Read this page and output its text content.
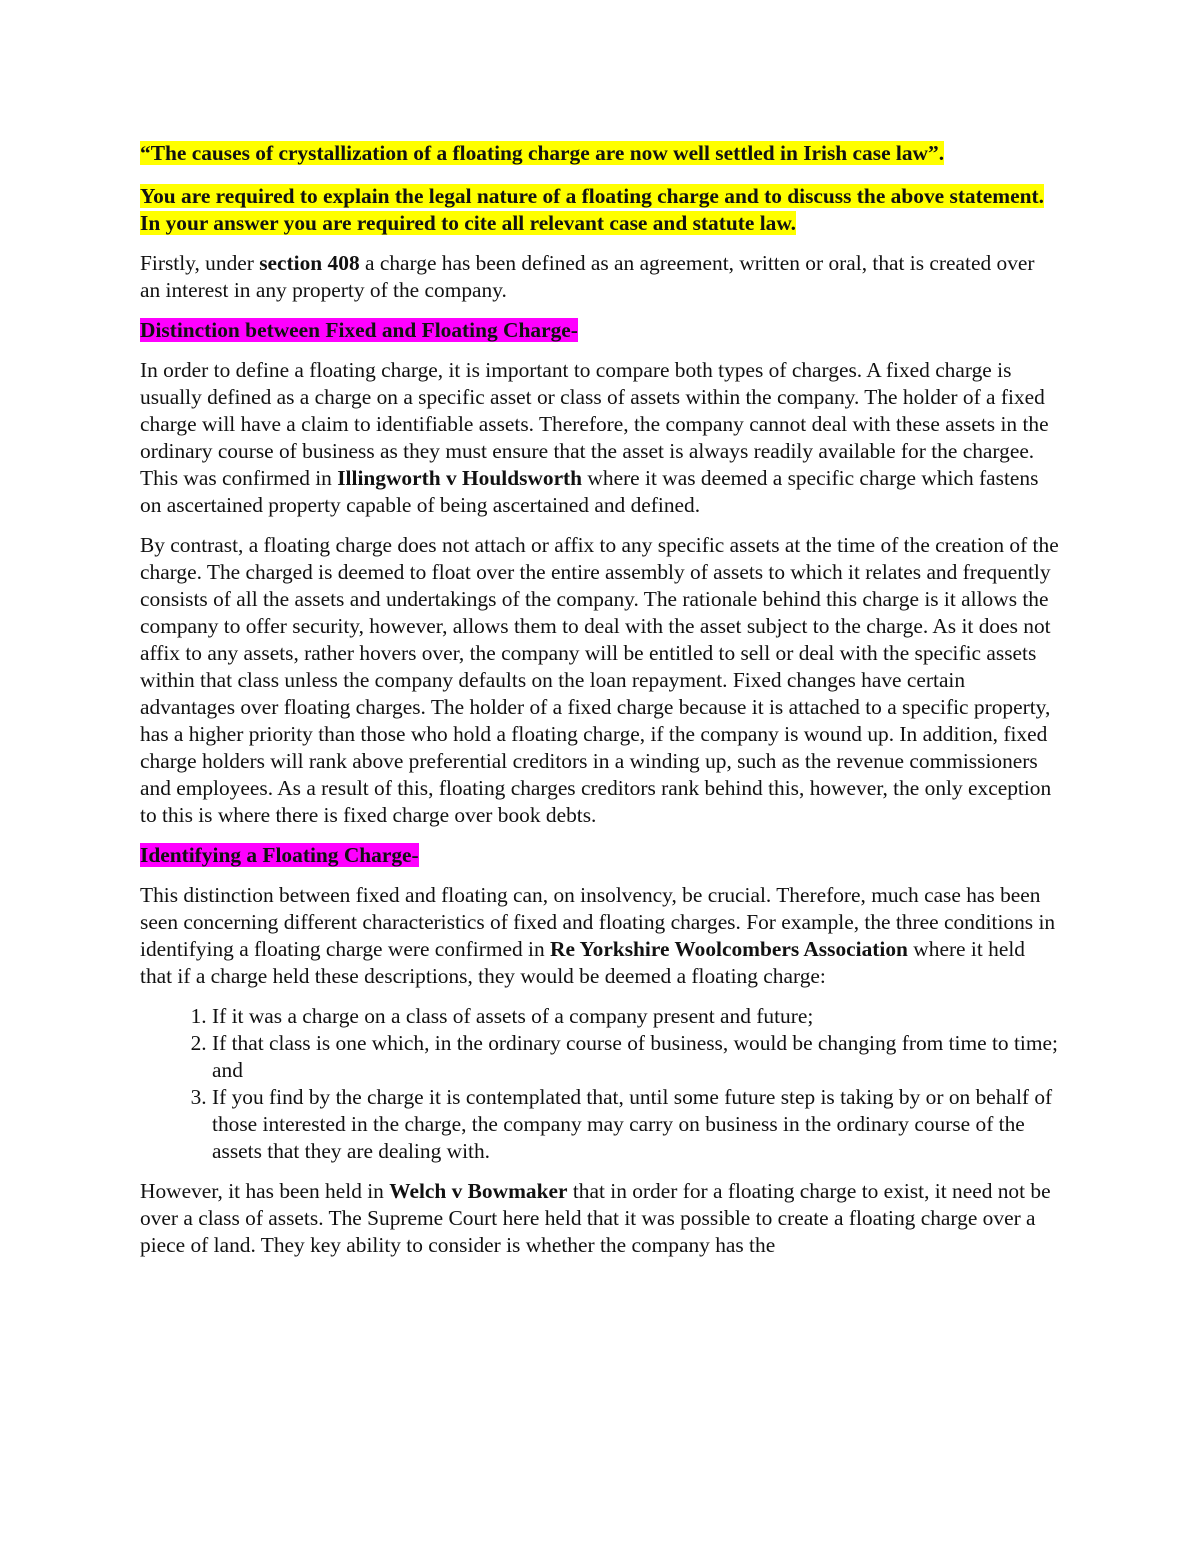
“The causes of crystallization of a floating charge are now well settled in Irish case law”.

You are required to explain the legal nature of a floating charge and to discuss the above statement. In your answer you are required to cite all relevant case and statute law.

Firstly, under section 408 a charge has been defined as an agreement, written or oral, that is created over an interest in any property of the company.

Distinction between Fixed and Floating Charge-

In order to define a floating charge, it is important to compare both types of charges. A fixed charge is usually defined as a charge on a specific asset or class of assets within the company. The holder of a fixed charge will have a claim to identifiable assets. Therefore, the company cannot deal with these assets in the ordinary course of business as they must ensure that the asset is always readily available for the chargee. This was confirmed in Illingworth v Houldsworth where it was deemed a specific charge which fastens on ascertained property capable of being ascertained and defined.

By contrast, a floating charge does not attach or affix to any specific assets at the time of the creation of the charge. The charged is deemed to float over the entire assembly of assets to which it relates and frequently consists of all the assets and undertakings of the company. The rationale behind this charge is it allows the company to offer security, however, allows them to deal with the asset subject to the charge. As it does not affix to any assets, rather hovers over, the company will be entitled to sell or deal with the specific assets within that class unless the company defaults on the loan repayment. Fixed changes have certain advantages over floating charges. The holder of a fixed charge because it is attached to a specific property, has a higher priority than those who hold a floating charge, if the company is wound up. In addition, fixed charge holders will rank above preferential creditors in a winding up, such as the revenue commissioners and employees. As a result of this, floating charges creditors rank behind this, however, the only exception to this is where there is fixed charge over book debts.

Identifying a Floating Charge-

This distinction between fixed and floating can, on insolvency, be crucial. Therefore, much case has been seen concerning different characteristics of fixed and floating charges. For example, the three conditions in identifying a floating charge were confirmed in Re Yorkshire Woolcombers Association where it held that if a charge held these descriptions, they would be deemed a floating charge:

1. If it was a charge on a class of assets of a company present and future;
2. If that class is one which, in the ordinary course of business, would be changing from time to time; and
3. If you find by the charge it is contemplated that, until some future step is taking by or on behalf of those interested in the charge, the company may carry on business in the ordinary course of the assets that they are dealing with.

However, it has been held in Welch v Bowmaker that in order for a floating charge to exist, it need not be over a class of assets. The Supreme Court here held that it was possible to create a floating charge over a piece of land. They key ability to consider is whether the company has the
